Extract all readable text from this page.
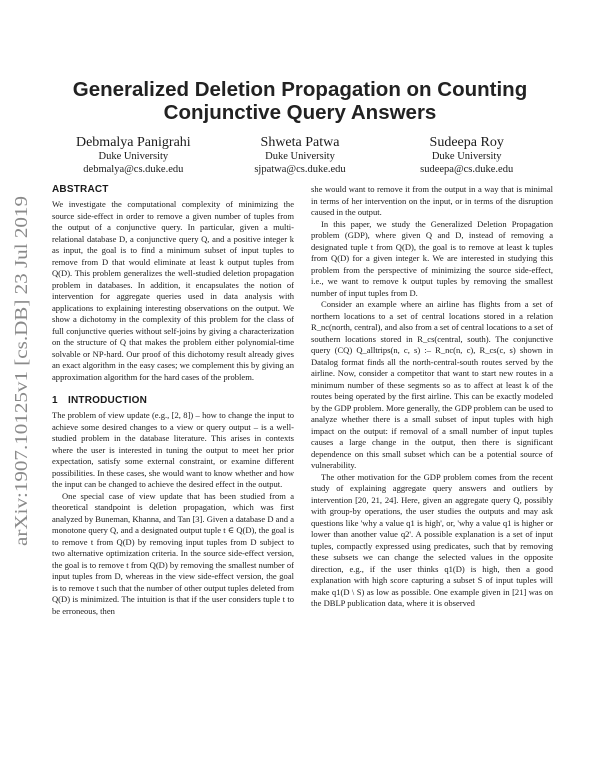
arXiv:1907.10125v1 [cs.DB] 23 Jul 2019
Generalized Deletion Propagation on Counting
Conjunctive Query Answers
Debmalya Panigrahi
Duke University
debmalya@cs.duke.edu
Shweta Patwa
Duke University
sjpatwa@cs.duke.edu
Sudeepa Roy
Duke University
sudeepa@cs.duke.edu
ABSTRACT

We investigate the computational complexity of minimizing the source side-effect in order to remove a given number of tuples from the output of a conjunctive query. In particular, given a multi-relational database D, a conjunctive query Q, and a positive integer k as input, the goal is to find a minimum subset of input tuples to remove from D that would eliminate at least k output tuples from Q(D). This problem generalizes the well-studied deletion propagation problem in databases. In addition, it encapsulates the notion of intervention for aggregate queries used in data analysis with applications to explaining interesting observations on the output. We show a dichotomy in the complexity of this problem for the class of full conjunctive queries without self-joins by giving a characterization on the structure of Q that makes the problem either polynomial-time solvable or NP-hard. Our proof of this dichotomy result already gives an exact algorithm in the easy cases; we complement this by giving an approximation algorithm for the hard cases of the problem.

1 INTRODUCTION

The problem of view update (e.g., [2, 8]) – how to change the input to achieve some desired changes to a view or query output – is a well-studied problem in the database literature. This arises in contexts where the user is interested in tuning the output to meet her prior expectation, satisfy some external constraint, or examine different possibilities. In these cases, she would want to know whether and how the input can be changed to achieve the desired effect in the output.

One special case of view update that has been studied from a theoretical standpoint is deletion propagation, which was first analyzed by Buneman, Khanna, and Tan [3]. Given a database D and a monotone query Q, and a designated output tuple t ∈ Q(D), the goal is to remove t from Q(D) by removing input tuples from D subject to two alternative optimization criteria. In the source side-effect version, the goal is to remove t from Q(D) by removing the smallest number of input tuples from D, whereas in the view side-effect version, the goal is to remove t such that the number of other output tuples deleted from Q(D) is minimized. The intuition is that if the user considers tuple t to be erroneous, then

she would want to remove it from the output in a way that is minimal in terms of her intervention on the input, or in terms of the disruption caused in the output.

In this paper, we study the Generalized Deletion Propagation problem (GDP), where given Q and D, instead of removing a designated tuple t from Q(D), the goal is to remove at least k tuples from Q(D) for a given integer k. We are interested in studying this problem from the perspective of minimizing the source side-effect, i.e., we want to remove k output tuples by removing the smallest number of input tuples from D.

Consider an example where an airline has flights from a set of northern locations to a set of central locations stored in a relation R_nc(north, central), and also from a set of central locations to a set of southern locations stored in R_cs(central, south). The conjunctive query (CQ) Q_alltrips(n, c, s) :– R_nc(n, c), R_cs(c, s) shown in Datalog format finds all the north-central-south routes served by the airline. Now, consider a competitor that want to start new routes in a minimum number of these segments so as to affect at least k of the routes being operated by the first airline. This can be exactly modeled by the GDP problem. More generally, the GDP problem can be used to analyze whether there is a small subset of input tuples with high impact on the output: if removal of a small number of input tuples causes a large change in the output, then there is significant dependence on this small subset which can be a potential source of vulnerability.

The other motivation for the GDP problem comes from the recent study of explaining aggregate query answers and outliers by intervention [20, 21, 24]. Here, given an aggregate query Q, possibly with group-by operations, the user studies the outputs and may ask questions like 'why a value q1 is high', or, 'why a value q1 is higher or lower than another value q2'. A possible explanation is a set of input tuples, compactly expressed using predicates, such that by removing these subsets we can change the selected values in the opposite direction, e.g., if the user thinks q1(D) is high, then a good explanation with high score capturing a subset S of input tuples will make q1(D \ S) as low as possible. One example given in [21] was on the DBLP publication data, where it is observed
